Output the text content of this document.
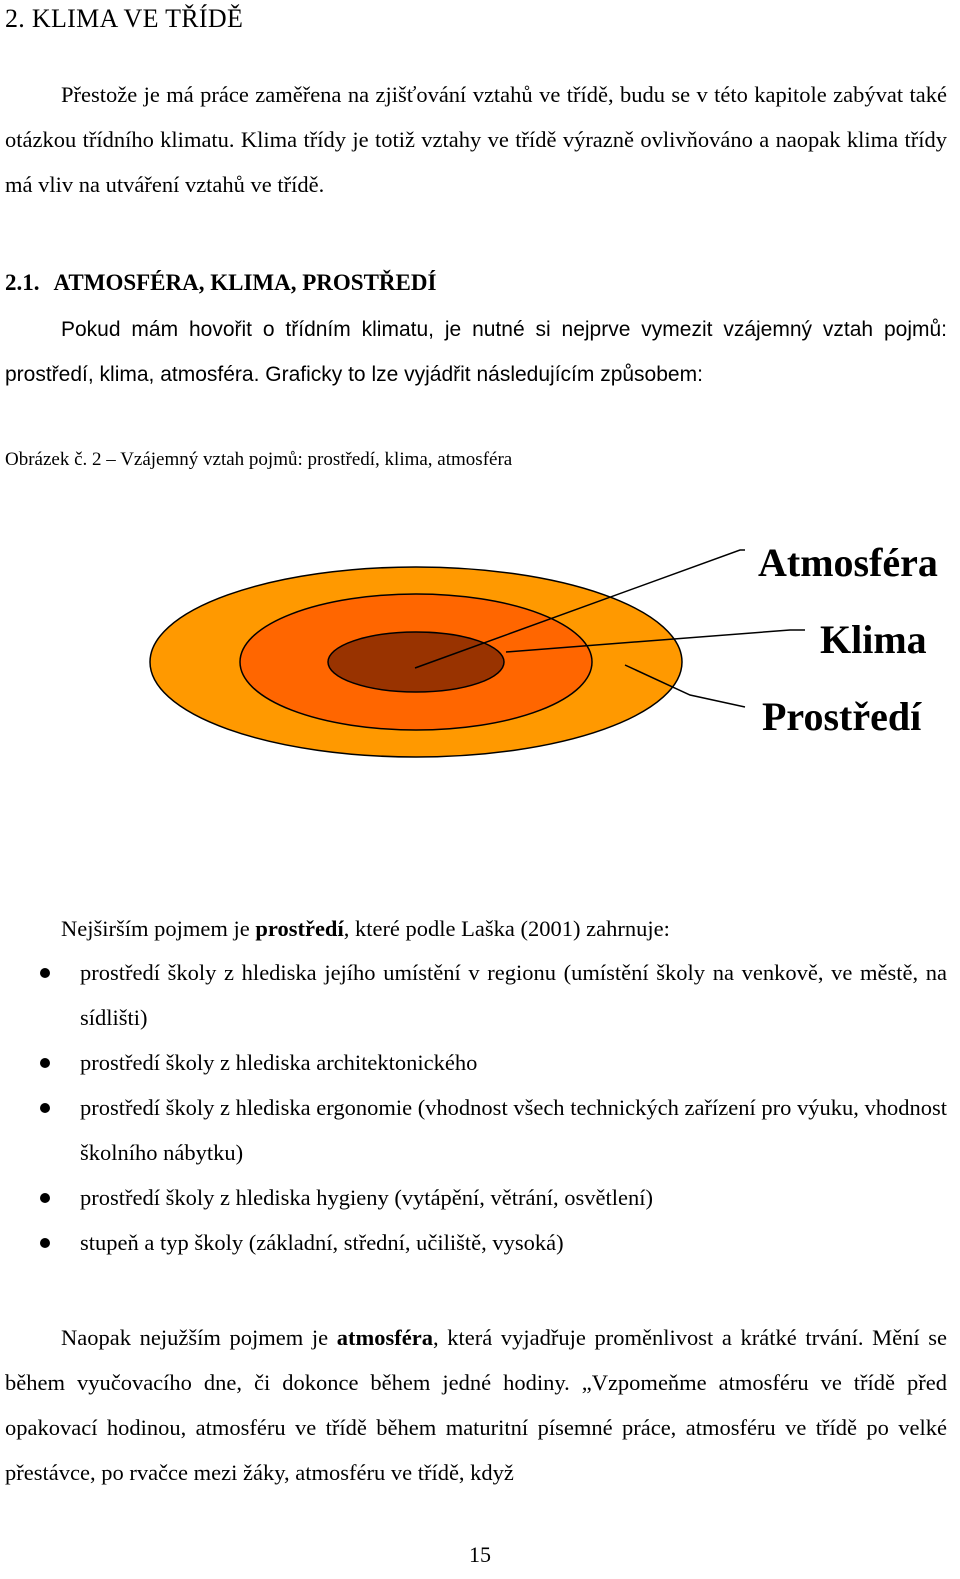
2. KLIMA VE TŘÍDĚ
Přestože je má práce zaměřena na zjišťování vztahů ve třídě, budu se v této kapitole zabývat také otázkou třídního klimatu. Klima třídy je totiž vztahy ve třídě výrazně ovlivňováno a naopak klima třídy má vliv na utváření vztahů ve třídě.
2.1. ATMOSFÉRA, KLIMA, PROSTŘEDÍ
Pokud mám hovořit o třídním klimatu, je nutné si nejprve vymezit vzájemný vztah pojmů: prostředí, klima, atmosféra. Graficky to lze vyjádřit následujícím způsobem:
Obrázek č. 2 – Vzájemný vztah pojmů: prostředí, klima, atmosféra
Atmosféra
Klima
Prostředí
Nejširším pojmem je prostředí, které podle Laška (2001) zahrnuje:
prostředí školy z hlediska jejího umístění v regionu (umístění školy na venkově, ve městě, na sídlišti)
prostředí školy z hlediska architektonického
prostředí školy z hlediska ergonomie (vhodnost všech technických zařízení pro výuku, vhodnost školního nábytku)
prostředí školy z hlediska hygieny (vytápění, větrání, osvětlení)
stupeň a typ školy (základní, střední, učiliště, vysoká)
Naopak nejužším pojmem je atmosféra, která vyjadřuje proměnlivost a krátké trvání. Mění se během vyučovacího dne, či dokonce během jedné hodiny. „Vzpomeňme atmosféru ve třídě před opakovací hodinou, atmosféru ve třídě během maturitní písemné práce, atmosféru ve třídě po velké přestávce, po rvačce mezi žáky, atmosféru ve třídě, když
15
